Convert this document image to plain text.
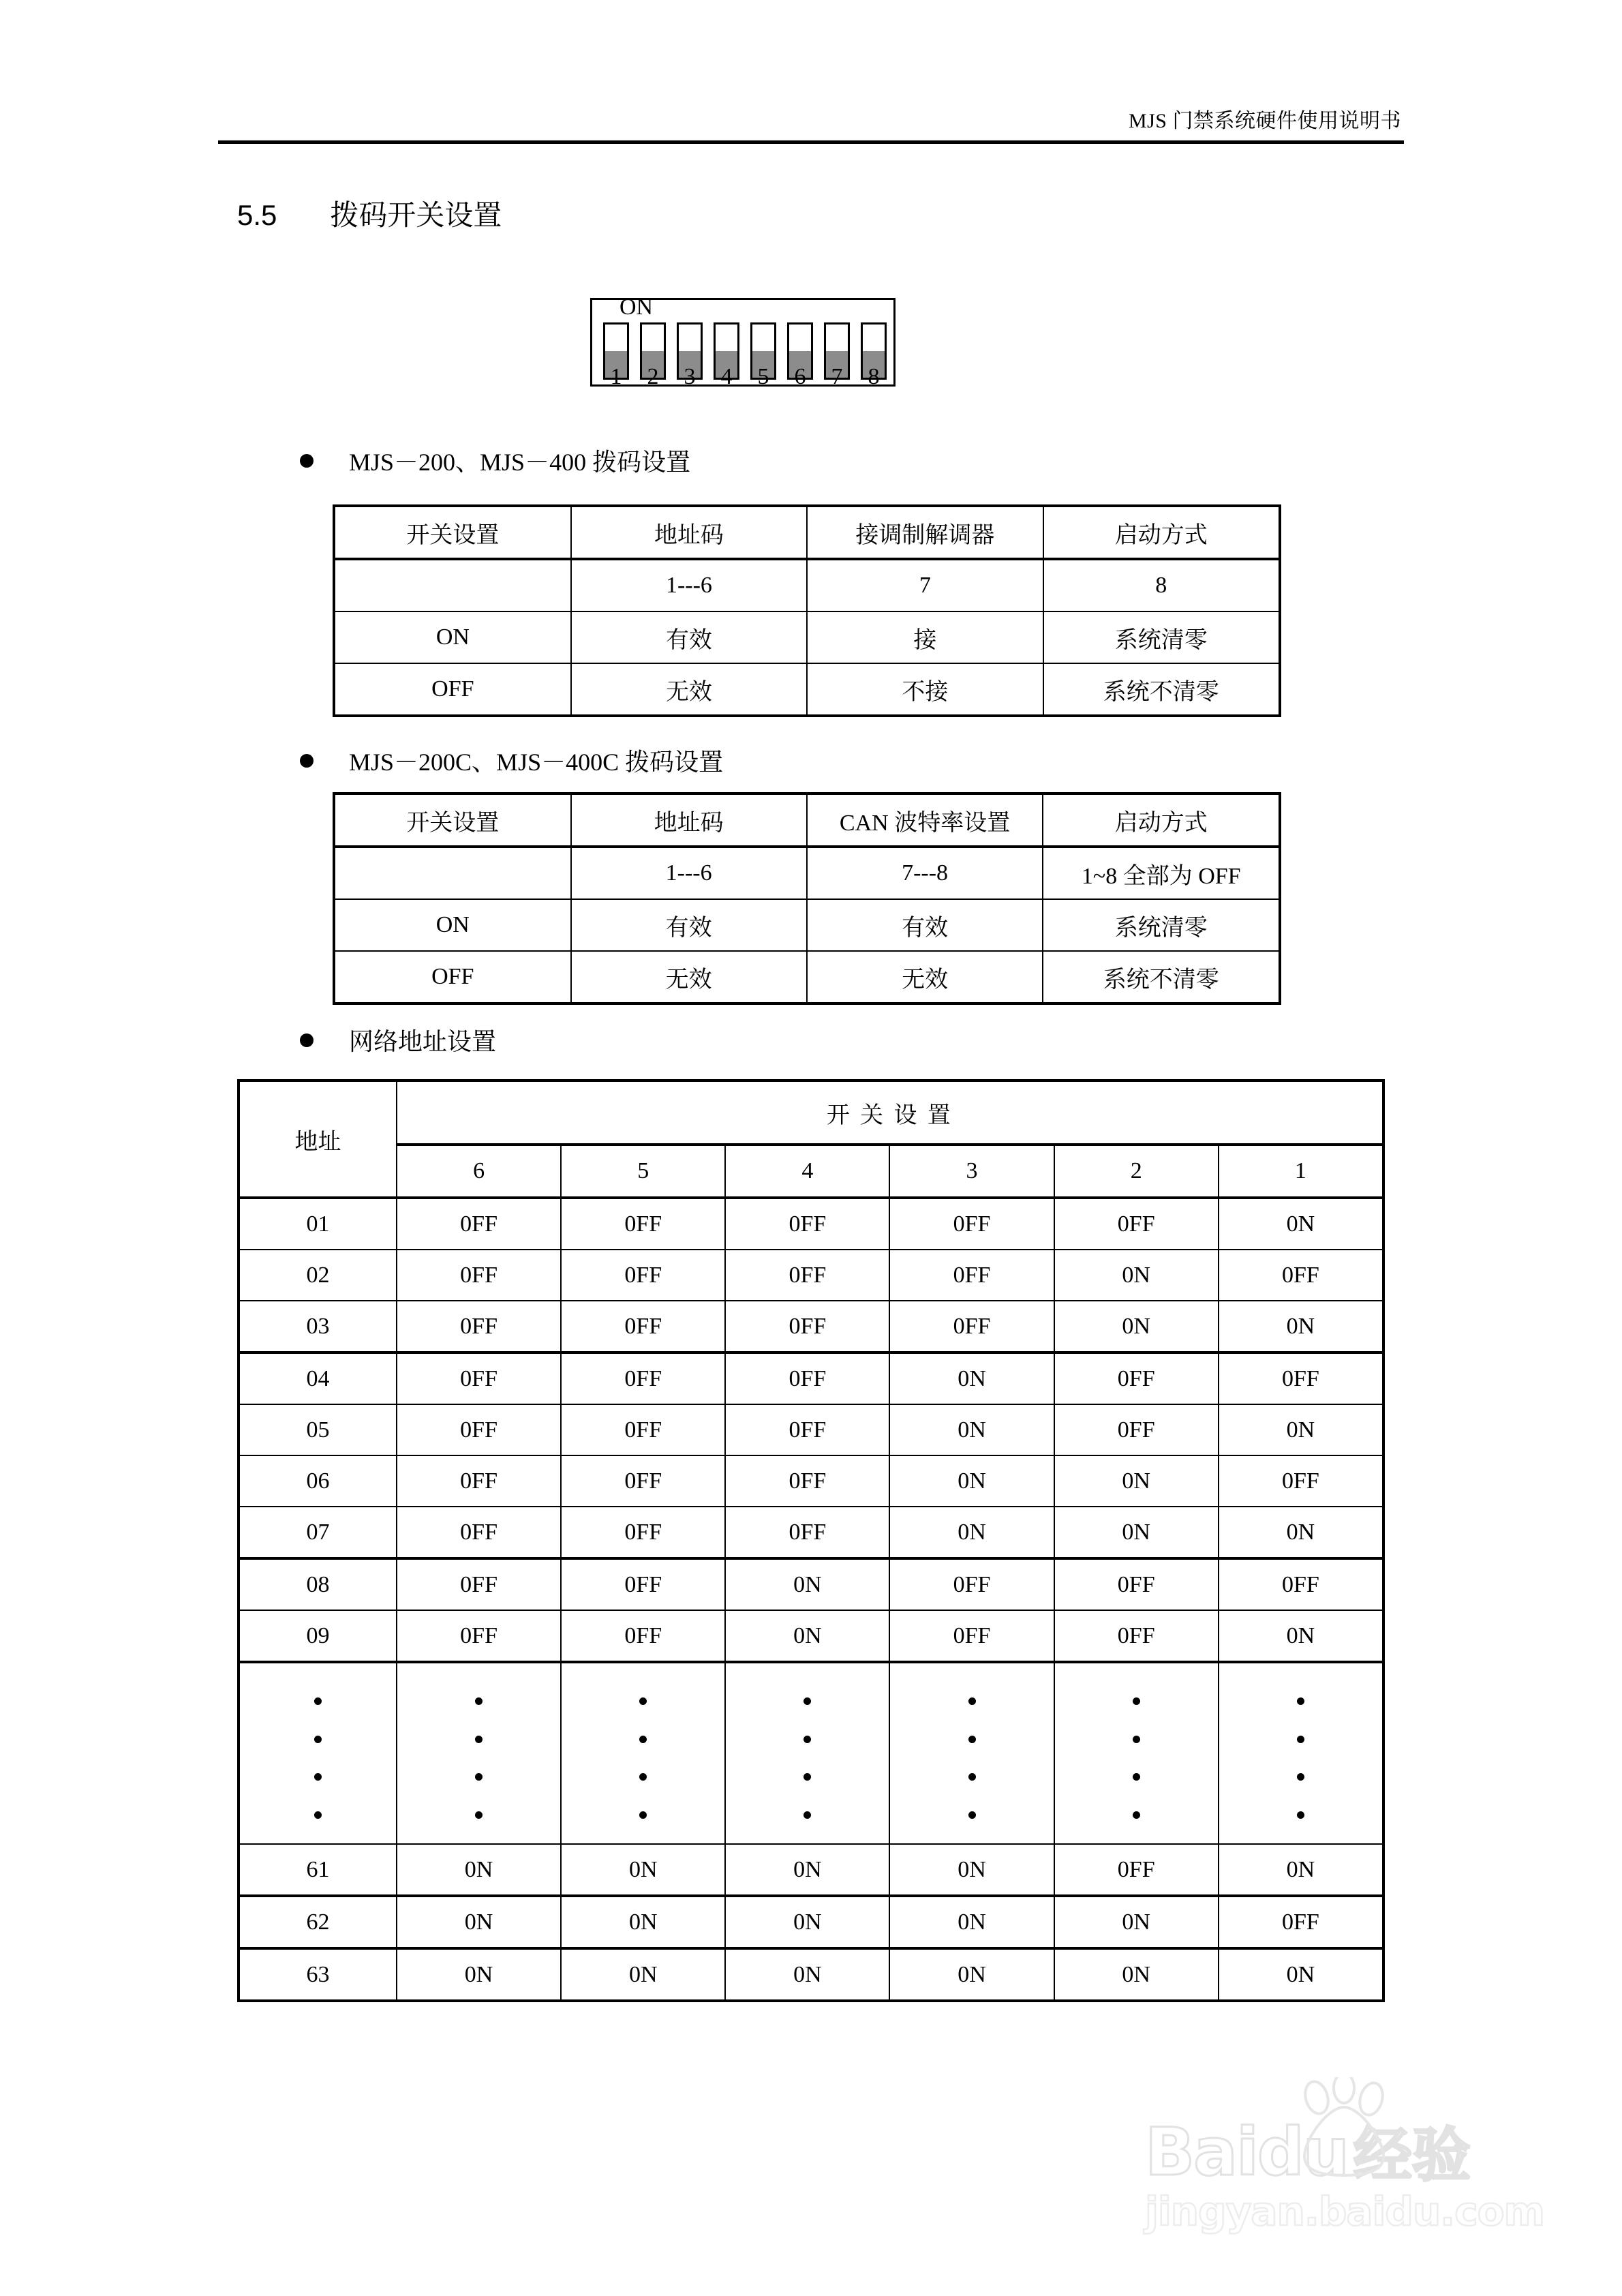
MJS 门禁系统硬件使用说明书
5.5 拨码开关设置
ON
1	2	3	4	5	6	7	8
MJS－200、MJS－400 拨码设置
开关设置	地址码	接调制解调器	启动方式
	1---6	7	8
ON	有效	接	系统清零
OFF	无效	不接	系统不清零
MJS－200C、MJS－400C 拨码设置
开关设置	地址码	CAN 波特率设置	启动方式
	1---6	7---8	1~8 全部为 OFF
ON	有效	有效	系统清零
OFF	无效	无效	系统不清零
网络地址设置
地址	开 关 设 置					
	6	5	4	3	2	1
01	0FF	0FF	0FF	0FF	0FF	0N
02	0FF	0FF	0FF	0FF	0N	0FF
03	0FF	0FF	0FF	0FF	0N	0N
04	0FF	0FF	0FF	0N	0FF	0FF
05	0FF	0FF	0FF	0N	0FF	0N
06	0FF	0FF	0FF	0N	0N	0FF
07	0FF	0FF	0FF	0N	0N	0N
08	0FF	0FF	0N	0FF	0FF	0FF
09	0FF	0FF	0N	0FF	0FF	0N

61	0N	0N	0N	0N	0FF	0N
62	0N	0N	0N	0N	0N	0FF
63	0N	0N	0N	0N	0N	0N
Bai du 经验
jingyan.baidu.com
